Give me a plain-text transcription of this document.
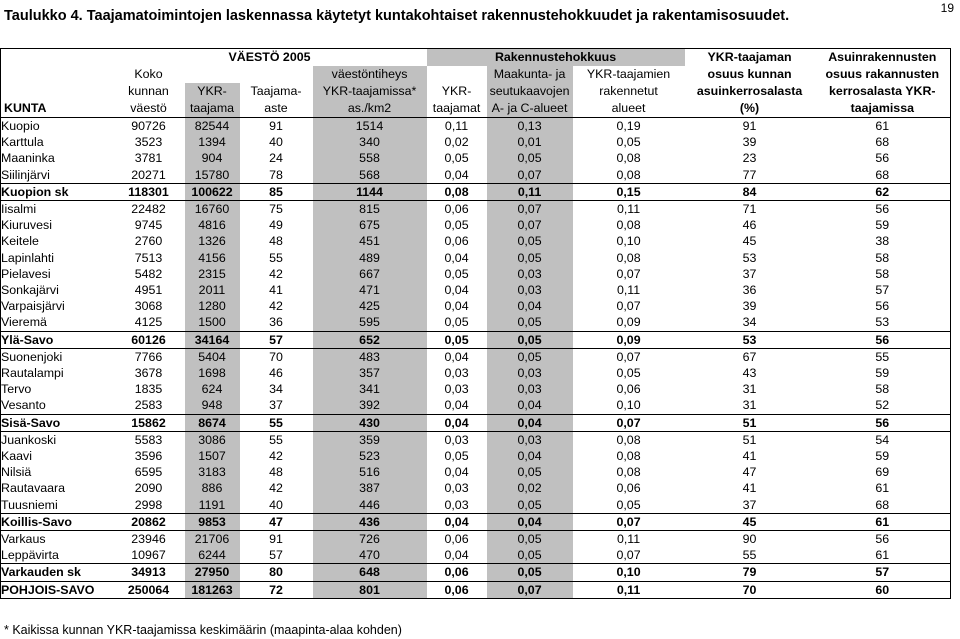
19
Taulukko 4. Taajamatoimintojen laskennassa käytetyt kuntakohtaiset rakennustehokkuudet ja rakentamisosuudet.
	VÄESTÖ 2005				Rakennustehokkuus			YKR-taajaman	Asuinrakennusten
	Koko			väestöntiheys		Maakunta- ja	YKR-taajamien	osuus kunnan	osuus rakannusten
	kunnan	YKR-	Taajama-	YKR-taajamissa*	YKR-	seutukaavojen	rakennetut	asuinkerrosalasta	kerrosalasta YKR-
KUNTA	väestö	taajama	aste	as./km2	taajamat	A- ja C-alueet	alueet	(%)	taajamissa
Kuopio	90726	82544	91	1514	0,11	0,13	0,19	91	61
Karttula	3523	1394	40	340	0,02	0,01	0,05	39	68
Maaninka	3781	904	24	558	0,05	0,05	0,08	23	56
Siilinjärvi	20271	15780	78	568	0,04	0,07	0,08	77	68
Kuopion sk	118301	100622	85	1144	0,08	0,11	0,15	84	62
Iisalmi	22482	16760	75	815	0,06	0,07	0,11	71	56
Kiuruvesi	9745	4816	49	675	0,05	0,07	0,08	46	59
Keitele	2760	1326	48	451	0,06	0,05	0,10	45	38
Lapinlahti	7513	4156	55	489	0,04	0,05	0,08	53	58
Pielavesi	5482	2315	42	667	0,05	0,03	0,07	37	58
Sonkajärvi	4951	2011	41	471	0,04	0,03	0,11	36	57
Varpaisjärvi	3068	1280	42	425	0,04	0,04	0,07	39	56
Vieremä	4125	1500	36	595	0,05	0,05	0,09	34	53
Ylä-Savo	60126	34164	57	652	0,05	0,05	0,09	53	56
Suonenjoki	7766	5404	70	483	0,04	0,05	0,07	67	55
Rautalampi	3678	1698	46	357	0,03	0,03	0,05	43	59
Tervo	1835	624	34	341	0,03	0,03	0,06	31	58
Vesanto	2583	948	37	392	0,04	0,04	0,10	31	52
Sisä-Savo	15862	8674	55	430	0,04	0,04	0,07	51	56
Juankoski	5583	3086	55	359	0,03	0,03	0,08	51	54
Kaavi	3596	1507	42	523	0,05	0,04	0,08	41	59
Nilsiä	6595	3183	48	516	0,04	0,05	0,08	47	69
Rautavaara	2090	886	42	387	0,03	0,02	0,06	41	61
Tuusniemi	2998	1191	40	446	0,03	0,05	0,05	37	68
Koillis-Savo	20862	9853	47	436	0,04	0,04	0,07	45	61
Varkaus	23946	21706	91	726	0,06	0,05	0,11	90	56
Leppävirta	10967	6244	57	470	0,04	0,05	0,07	55	61
Varkauden sk	34913	27950	80	648	0,06	0,05	0,10	79	57
POHJOIS-SAVO	250064	181263	72	801	0,06	0,07	0,11	70	60
* Kaikissa kunnan YKR-taajamissa keskimäärin (maapinta-alaa kohden)
